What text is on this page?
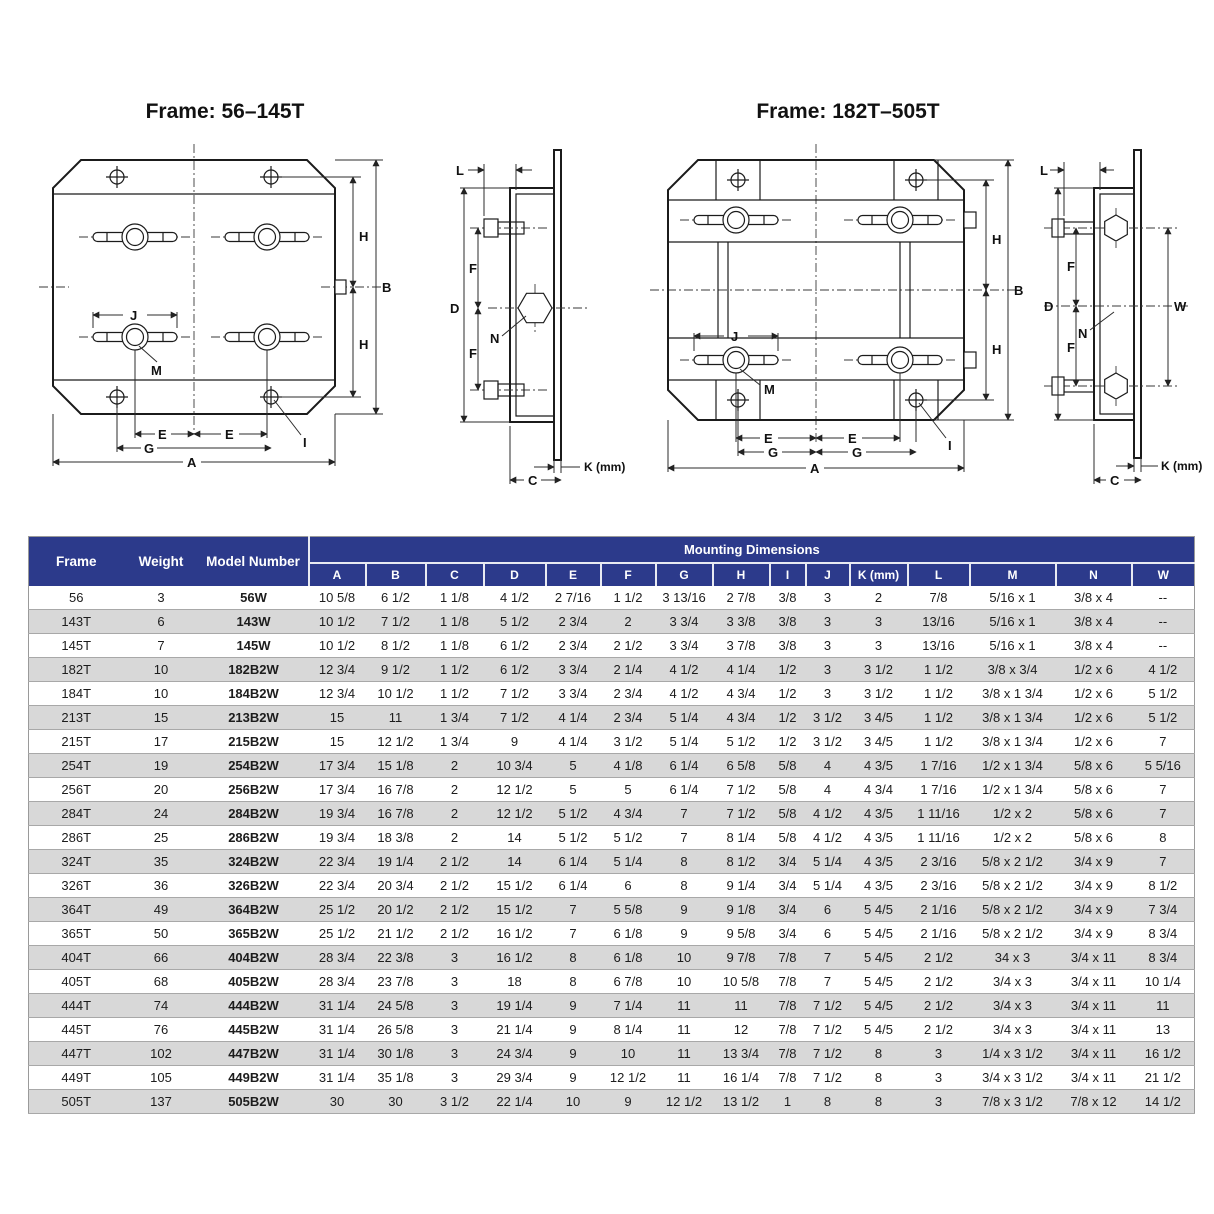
Frame: 56–145T	Frame: 182T–505T
H
H
B
J
M
E	E
G
A
I
L
D
F
F
N
K (mm)
C
H
H
B
J
M
E	E
G	G
A
I
L
D
F
F
W
N
K (mm)
C
Frame	Weight	Model Number	Mounting Dimensions														
			A	B	C	D	E	F	G	H	I	J	K (mm)	L	M	N	W
56	3	56W	10 5/8	6 1/2	1 1/8	4 1/2	2 7/16	1 1/2	3 13/16	2 7/8	3/8	3	2	7/8	5/16 x 1	3/8 x 4	--
143T	6	143W	10 1/2	7 1/2	1 1/8	5 1/2	2 3/4	2	3 3/4	3 3/8	3/8	3	3	13/16	5/16 x 1	3/8 x 4	--
145T	7	145W	10 1/2	8 1/2	1 1/8	6 1/2	2 3/4	2 1/2	3 3/4	3 7/8	3/8	3	3	13/16	5/16 x 1	3/8 x 4	--
182T	10	182B2W	12 3/4	9 1/2	1 1/2	6 1/2	3 3/4	2 1/4	4 1/2	4 1/4	1/2	3	3 1/2	1 1/2	3/8 x 3/4	1/2 x 6	4 1/2
184T	10	184B2W	12 3/4	10 1/2	1 1/2	7 1/2	3 3/4	2 3/4	4 1/2	4 3/4	1/2	3	3 1/2	1 1/2	3/8 x 1 3/4	1/2 x 6	5 1/2
213T	15	213B2W	15	11	1 3/4	7 1/2	4 1/4	2 3/4	5 1/4	4 3/4	1/2	3 1/2	3 4/5	1 1/2	3/8 x 1 3/4	1/2 x 6	5 1/2
215T	17	215B2W	15	12 1/2	1 3/4	9	4 1/4	3 1/2	5 1/4	5 1/2	1/2	3 1/2	3 4/5	1 1/2	3/8 x 1 3/4	1/2 x 6	7
254T	19	254B2W	17 3/4	15 1/8	2	10 3/4	5	4 1/8	6 1/4	6 5/8	5/8	4	4 3/5	1 7/16	1/2 x 1 3/4	5/8 x 6	5 5/16
256T	20	256B2W	17 3/4	16 7/8	2	12 1/2	5	5	6 1/4	7 1/2	5/8	4	4 3/4	1 7/16	1/2 x 1 3/4	5/8 x 6	7
284T	24	284B2W	19 3/4	16 7/8	2	12 1/2	5 1/2	4 3/4	7	7 1/2	5/8	4 1/2	4 3/5	1 11/16	1/2 x 2	5/8 x 6	7
286T	25	286B2W	19 3/4	18 3/8	2	14	5 1/2	5 1/2	7	8 1/4	5/8	4 1/2	4 3/5	1 11/16	1/2 x 2	5/8 x 6	8
324T	35	324B2W	22 3/4	19 1/4	2 1/2	14	6 1/4	5 1/4	8	8 1/2	3/4	5 1/4	4 3/5	2 3/16	5/8 x 2 1/2	3/4 x 9	7
326T	36	326B2W	22 3/4	20 3/4	2 1/2	15 1/2	6 1/4	6	8	9 1/4	3/4	5 1/4	4 3/5	2 3/16	5/8 x 2 1/2	3/4 x 9	8 1/2
364T	49	364B2W	25 1/2	20 1/2	2 1/2	15 1/2	7	5 5/8	9	9 1/8	3/4	6	5 4/5	2 1/16	5/8 x 2 1/2	3/4 x 9	7 3/4
365T	50	365B2W	25 1/2	21 1/2	2 1/2	16 1/2	7	6 1/8	9	9 5/8	3/4	6	5 4/5	2 1/16	5/8 x 2 1/2	3/4 x 9	8 3/4
404T	66	404B2W	28 3/4	22 3/8	3	16 1/2	8	6 1/8	10	9 7/8	7/8	7	5 4/5	2 1/2	34 x 3	3/4 x 11	8 3/4
405T	68	405B2W	28 3/4	23 7/8	3	18	8	6 7/8	10	10 5/8	7/8	7	5 4/5	2 1/2	3/4 x 3	3/4 x 11	10 1/4
444T	74	444B2W	31 1/4	24 5/8	3	19 1/4	9	7 1/4	11	11	7/8	7 1/2	5 4/5	2 1/2	3/4 x 3	3/4 x 11	11
445T	76	445B2W	31 1/4	26 5/8	3	21 1/4	9	8 1/4	11	12	7/8	7 1/2	5 4/5	2 1/2	3/4 x 3	3/4 x 11	13
447T	102	447B2W	31 1/4	30 1/8	3	24 3/4	9	10	11	13 3/4	7/8	7 1/2	8	3	1/4 x 3 1/2	3/4 x 11	16 1/2
449T	105	449B2W	31 1/4	35 1/8	3	29 3/4	9	12 1/2	11	16 1/4	7/8	7 1/2	8	3	3/4 x 3 1/2	3/4 x 11	21 1/2
505T	137	505B2W	30	30	3 1/2	22 1/4	10	9	12 1/2	13 1/2	1	8	8	3	7/8 x 3 1/2	7/8 x 12	14 1/2
